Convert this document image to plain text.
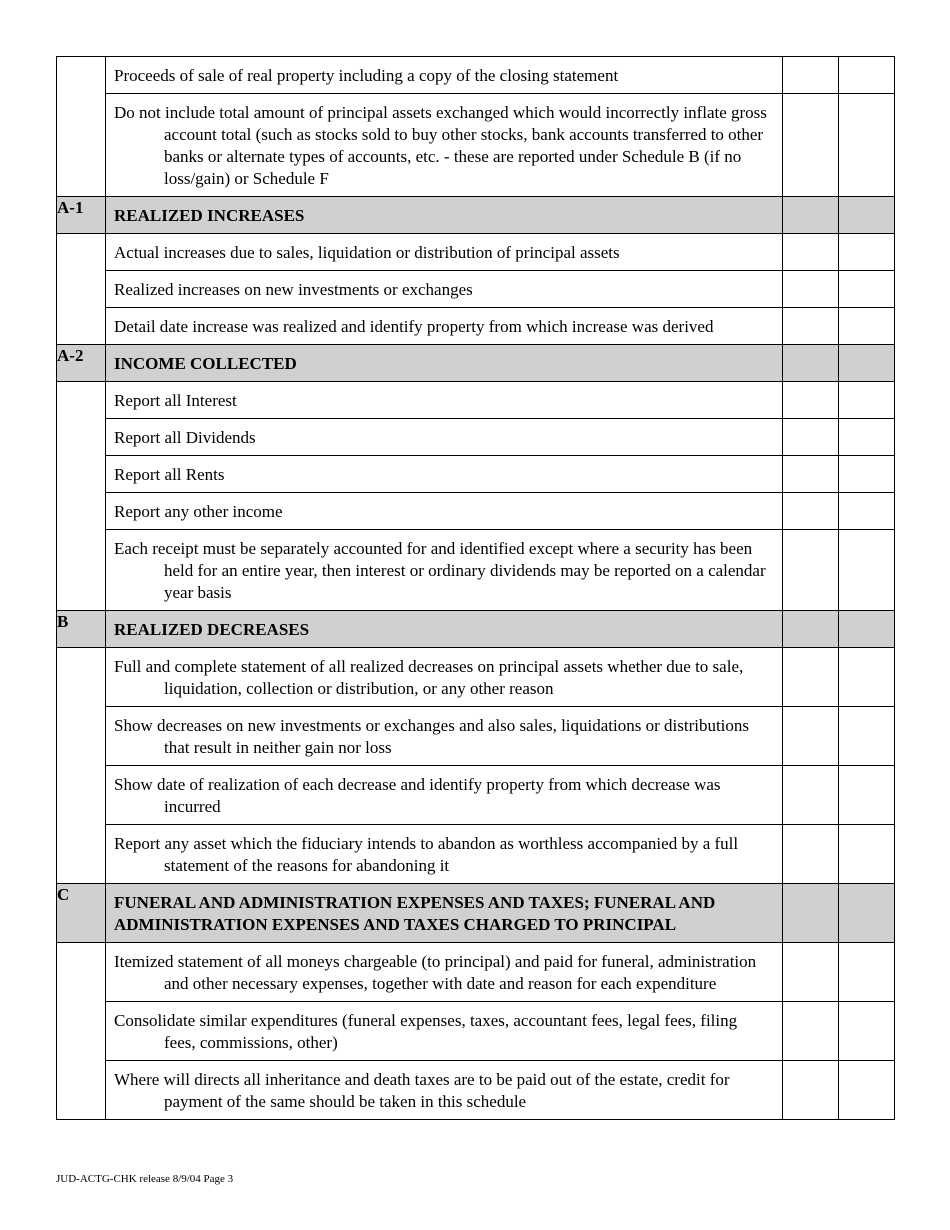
	Proceeds of sale of real property including a copy of the closing statement		

	Do not include total amount of principal assets exchanged which would incorrectly inflate gross account total (such as stocks sold to buy other stocks, bank accounts transferred to other banks or alternate types of accounts, etc. - these are reported under Schedule B (if no loss/gain) or Schedule F		

A-1	REALIZED INCREASES		

	Actual increases due to sales, liquidation or distribution of principal assets		

	Realized increases on new investments or exchanges		

	Detail date increase was realized and identify property from which increase was derived		

A-2	INCOME COLLECTED		

	Report all Interest		

	Report all Dividends		

	Report all Rents		

	Report any other income		

	Each receipt must be separately accounted for and identified except where a security has been held for an entire year, then interest or ordinary dividends may be reported on a calendar year basis		

B	REALIZED DECREASES		

	Full and complete statement of all realized decreases on principal assets whether due to sale, liquidation, collection or distribution, or any other reason		

	Show decreases on new investments or exchanges and also sales, liquidations or distributions that result in neither gain nor loss		

	Show date of realization of each decrease and identify property from which decrease was incurred		

	Report any asset which the fiduciary intends to abandon as worthless accompanied by a full statement of the reasons for abandoning it		

C	FUNERAL AND ADMINISTRATION EXPENSES AND TAXES; FUNERAL AND ADMINISTRATION EXPENSES AND TAXES CHARGED TO PRINCIPAL		

	Itemized statement of all moneys chargeable (to principal) and paid for funeral, administration and other necessary expenses, together with date and reason for each expenditure		

	Consolidate similar expenditures (funeral expenses, taxes, accountant fees, legal fees, filing fees, commissions, other)		

	Where will directs all inheritance and death taxes are to be paid out of the estate, credit for payment of the same should be taken in this schedule		

JUD-ACTG-CHK release 8/9/04 Page 3
